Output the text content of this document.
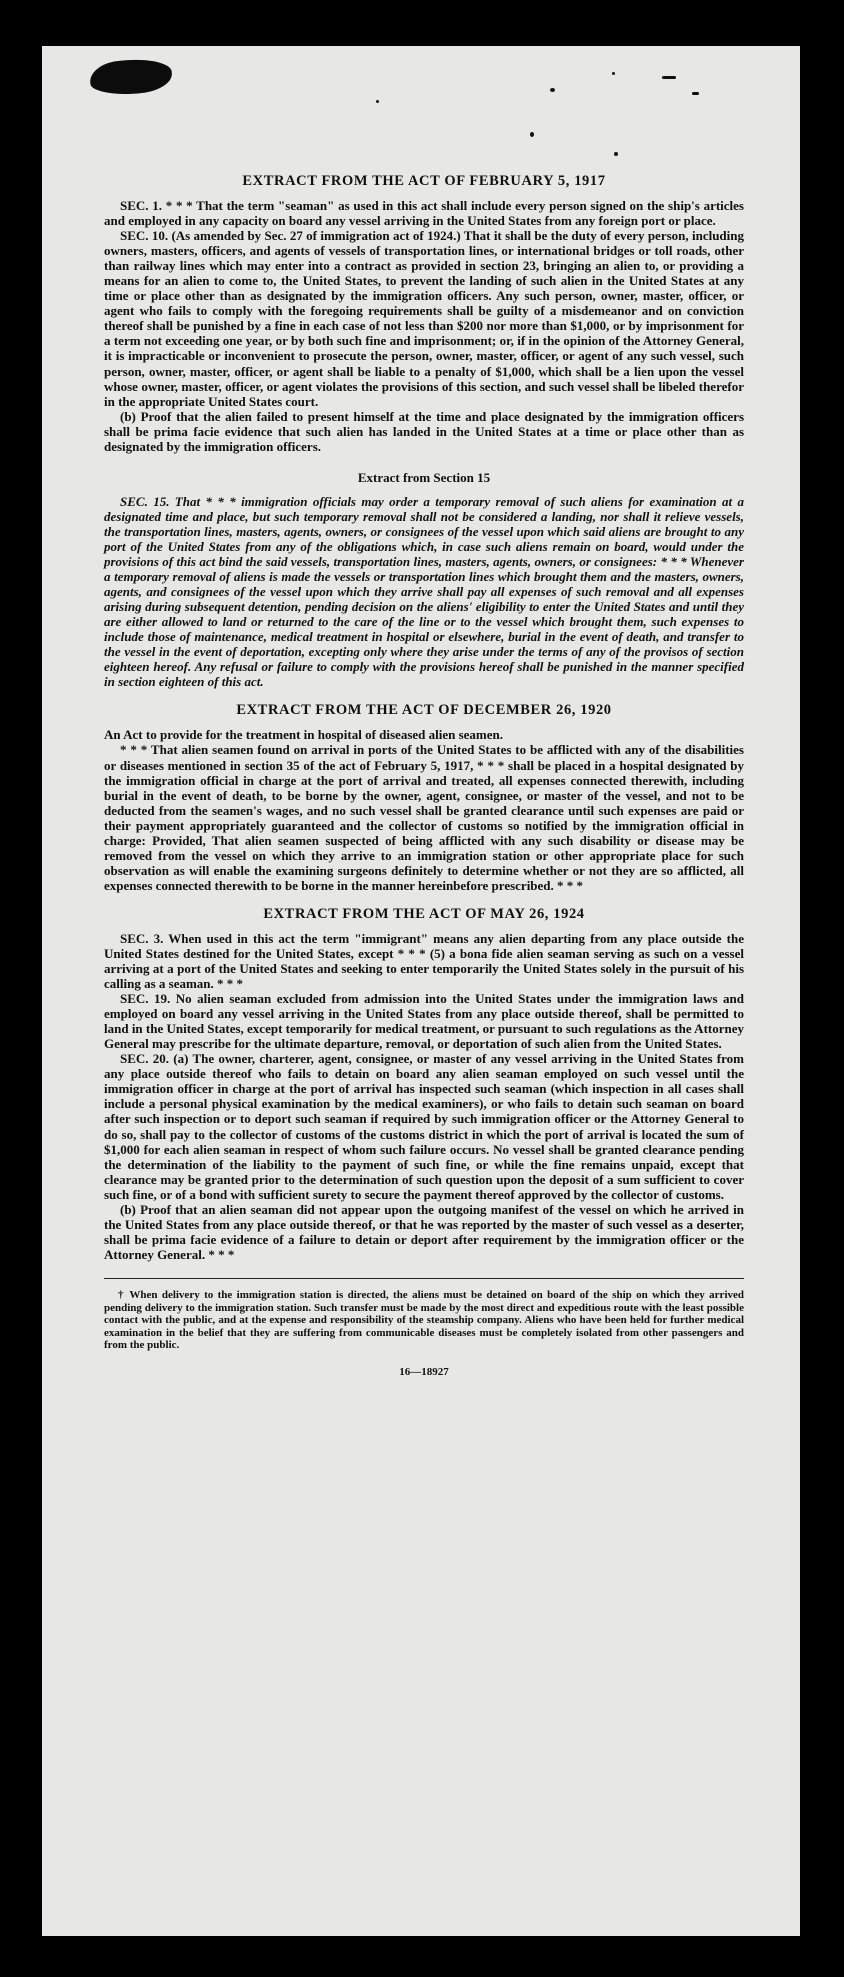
EXTRACT FROM THE ACT OF FEBRUARY 5, 1917

SEC. 1. * * * That the term "seaman" as used in this act shall include every person signed on the ship's articles and employed in any capacity on board any vessel arriving in the United States from any foreign port or place.

SEC. 10. (As amended by Sec. 27 of immigration act of 1924.) That it shall be the duty of every person, including owners, masters, officers, and agents of vessels of transportation lines, or international bridges or toll roads, other than railway lines which may enter into a contract as provided in section 23, bringing an alien to, or providing a means for an alien to come to, the United States, to prevent the landing of such alien in the United States at any time or place other than as designated by the immigration officers. Any such person, owner, master, officer, or agent who fails to comply with the foregoing requirements shall be guilty of a misdemeanor and on conviction thereof shall be punished by a fine in each case of not less than $200 nor more than $1,000, or by imprisonment for a term not exceeding one year, or by both such fine and imprisonment; or, if in the opinion of the Attorney General, it is impracticable or inconvenient to prosecute the person, owner, master, officer, or agent of any such vessel, such person, owner, master, officer, or agent shall be liable to a penalty of $1,000, which shall be a lien upon the vessel whose owner, master, officer, or agent violates the provisions of this section, and such vessel shall be libeled therefor in the appropriate United States court.

(b) Proof that the alien failed to present himself at the time and place designated by the immigration officers shall be prima facie evidence that such alien has landed in the United States at a time or place other than as designated by the immigration officers.

Extract from Section 15

SEC. 15. That * * * immigration officials may order a temporary removal of such aliens for examination at a designated time and place, but such temporary removal shall not be considered a landing, nor shall it relieve vessels, the transportation lines, masters, agents, owners, or consignees of the vessel upon which said aliens are brought to any port of the United States from any of the obligations which, in case such aliens remain on board, would under the provisions of this act bind the said vessels, transportation lines, masters, agents, owners, or consignees: * * * Whenever a temporary removal of aliens is made the vessels or transportation lines which brought them and the masters, owners, agents, and consignees of the vessel upon which they arrive shall pay all expenses of such removal and all expenses arising during subsequent detention, pending decision on the aliens' eligibility to enter the United States and until they are either allowed to land or returned to the care of the line or to the vessel which brought them, such expenses to include those of maintenance, medical treatment in hospital or elsewhere, burial in the event of death, and transfer to the vessel in the event of deportation, excepting only where they arise under the terms of any of the provisos of section eighteen hereof. Any refusal or failure to comply with the provisions hereof shall be punished in the manner specified in section eighteen of this act.

EXTRACT FROM THE ACT OF DECEMBER 26, 1920

An Act to provide for the treatment in hospital of diseased alien seamen.

* * * That alien seamen found on arrival in ports of the United States to be afflicted with any of the disabilities or diseases mentioned in section 35 of the act of February 5, 1917, * * * shall be placed in a hospital designated by the immigration official in charge at the port of arrival and treated, all expenses connected therewith, including burial in the event of death, to be borne by the owner, agent, consignee, or master of the vessel, and not to be deducted from the seamen's wages, and no such vessel shall be granted clearance until such expenses are paid or their payment appropriately guaranteed and the collector of customs so notified by the immigration official in charge: Provided, That alien seamen suspected of being afflicted with any such disability or disease may be removed from the vessel on which they arrive to an immigration station or other appropriate place for such observation as will enable the examining surgeons definitely to determine whether or not they are so afflicted, all expenses connected therewith to be borne in the manner hereinbefore prescribed. * * *

EXTRACT FROM THE ACT OF MAY 26, 1924

SEC. 3. When used in this act the term "immigrant" means any alien departing from any place outside the United States destined for the United States, except * * * (5) a bona fide alien seaman serving as such on a vessel arriving at a port of the United States and seeking to enter temporarily the United States solely in the pursuit of his calling as a seaman. * * *

SEC. 19. No alien seaman excluded from admission into the United States under the immigration laws and employed on board any vessel arriving in the United States from any place outside thereof, shall be permitted to land in the United States, except temporarily for medical treatment, or pursuant to such regulations as the Attorney General may prescribe for the ultimate departure, removal, or deportation of such alien from the United States.

SEC. 20. (a) The owner, charterer, agent, consignee, or master of any vessel arriving in the United States from any place outside thereof who fails to detain on board any alien seaman employed on such vessel until the immigration officer in charge at the port of arrival has inspected such seaman (which inspection in all cases shall include a personal physical examination by the medical examiners), or who fails to detain such seaman on board after such inspection or to deport such seaman if required by such immigration officer or the Attorney General to do so, shall pay to the collector of customs of the customs district in which the port of arrival is located the sum of $1,000 for each alien seaman in respect of whom such failure occurs. No vessel shall be granted clearance pending the determination of the liability to the payment of such fine, or while the fine remains unpaid, except that clearance may be granted prior to the determination of such question upon the deposit of a sum sufficient to cover such fine, or of a bond with sufficient surety to secure the payment thereof approved by the collector of customs.

(b) Proof that an alien seaman did not appear upon the outgoing manifest of the vessel on which he arrived in the United States from any place outside thereof, or that he was reported by the master of such vessel as a deserter, shall be prima facie evidence of a failure to detain or deport after requirement by the immigration officer or the Attorney General. * * *

† When delivery to the immigration station is directed, the aliens must be detained on board of the ship on which they arrived pending delivery to the immigration station. Such transfer must be made by the most direct and expeditious route with the least possible contact with the public, and at the expense and responsibility of the steamship company. Aliens who have been held for further medical examination in the belief that they are suffering from communicable diseases must be completely isolated from other passengers and from the public.

16—18927
